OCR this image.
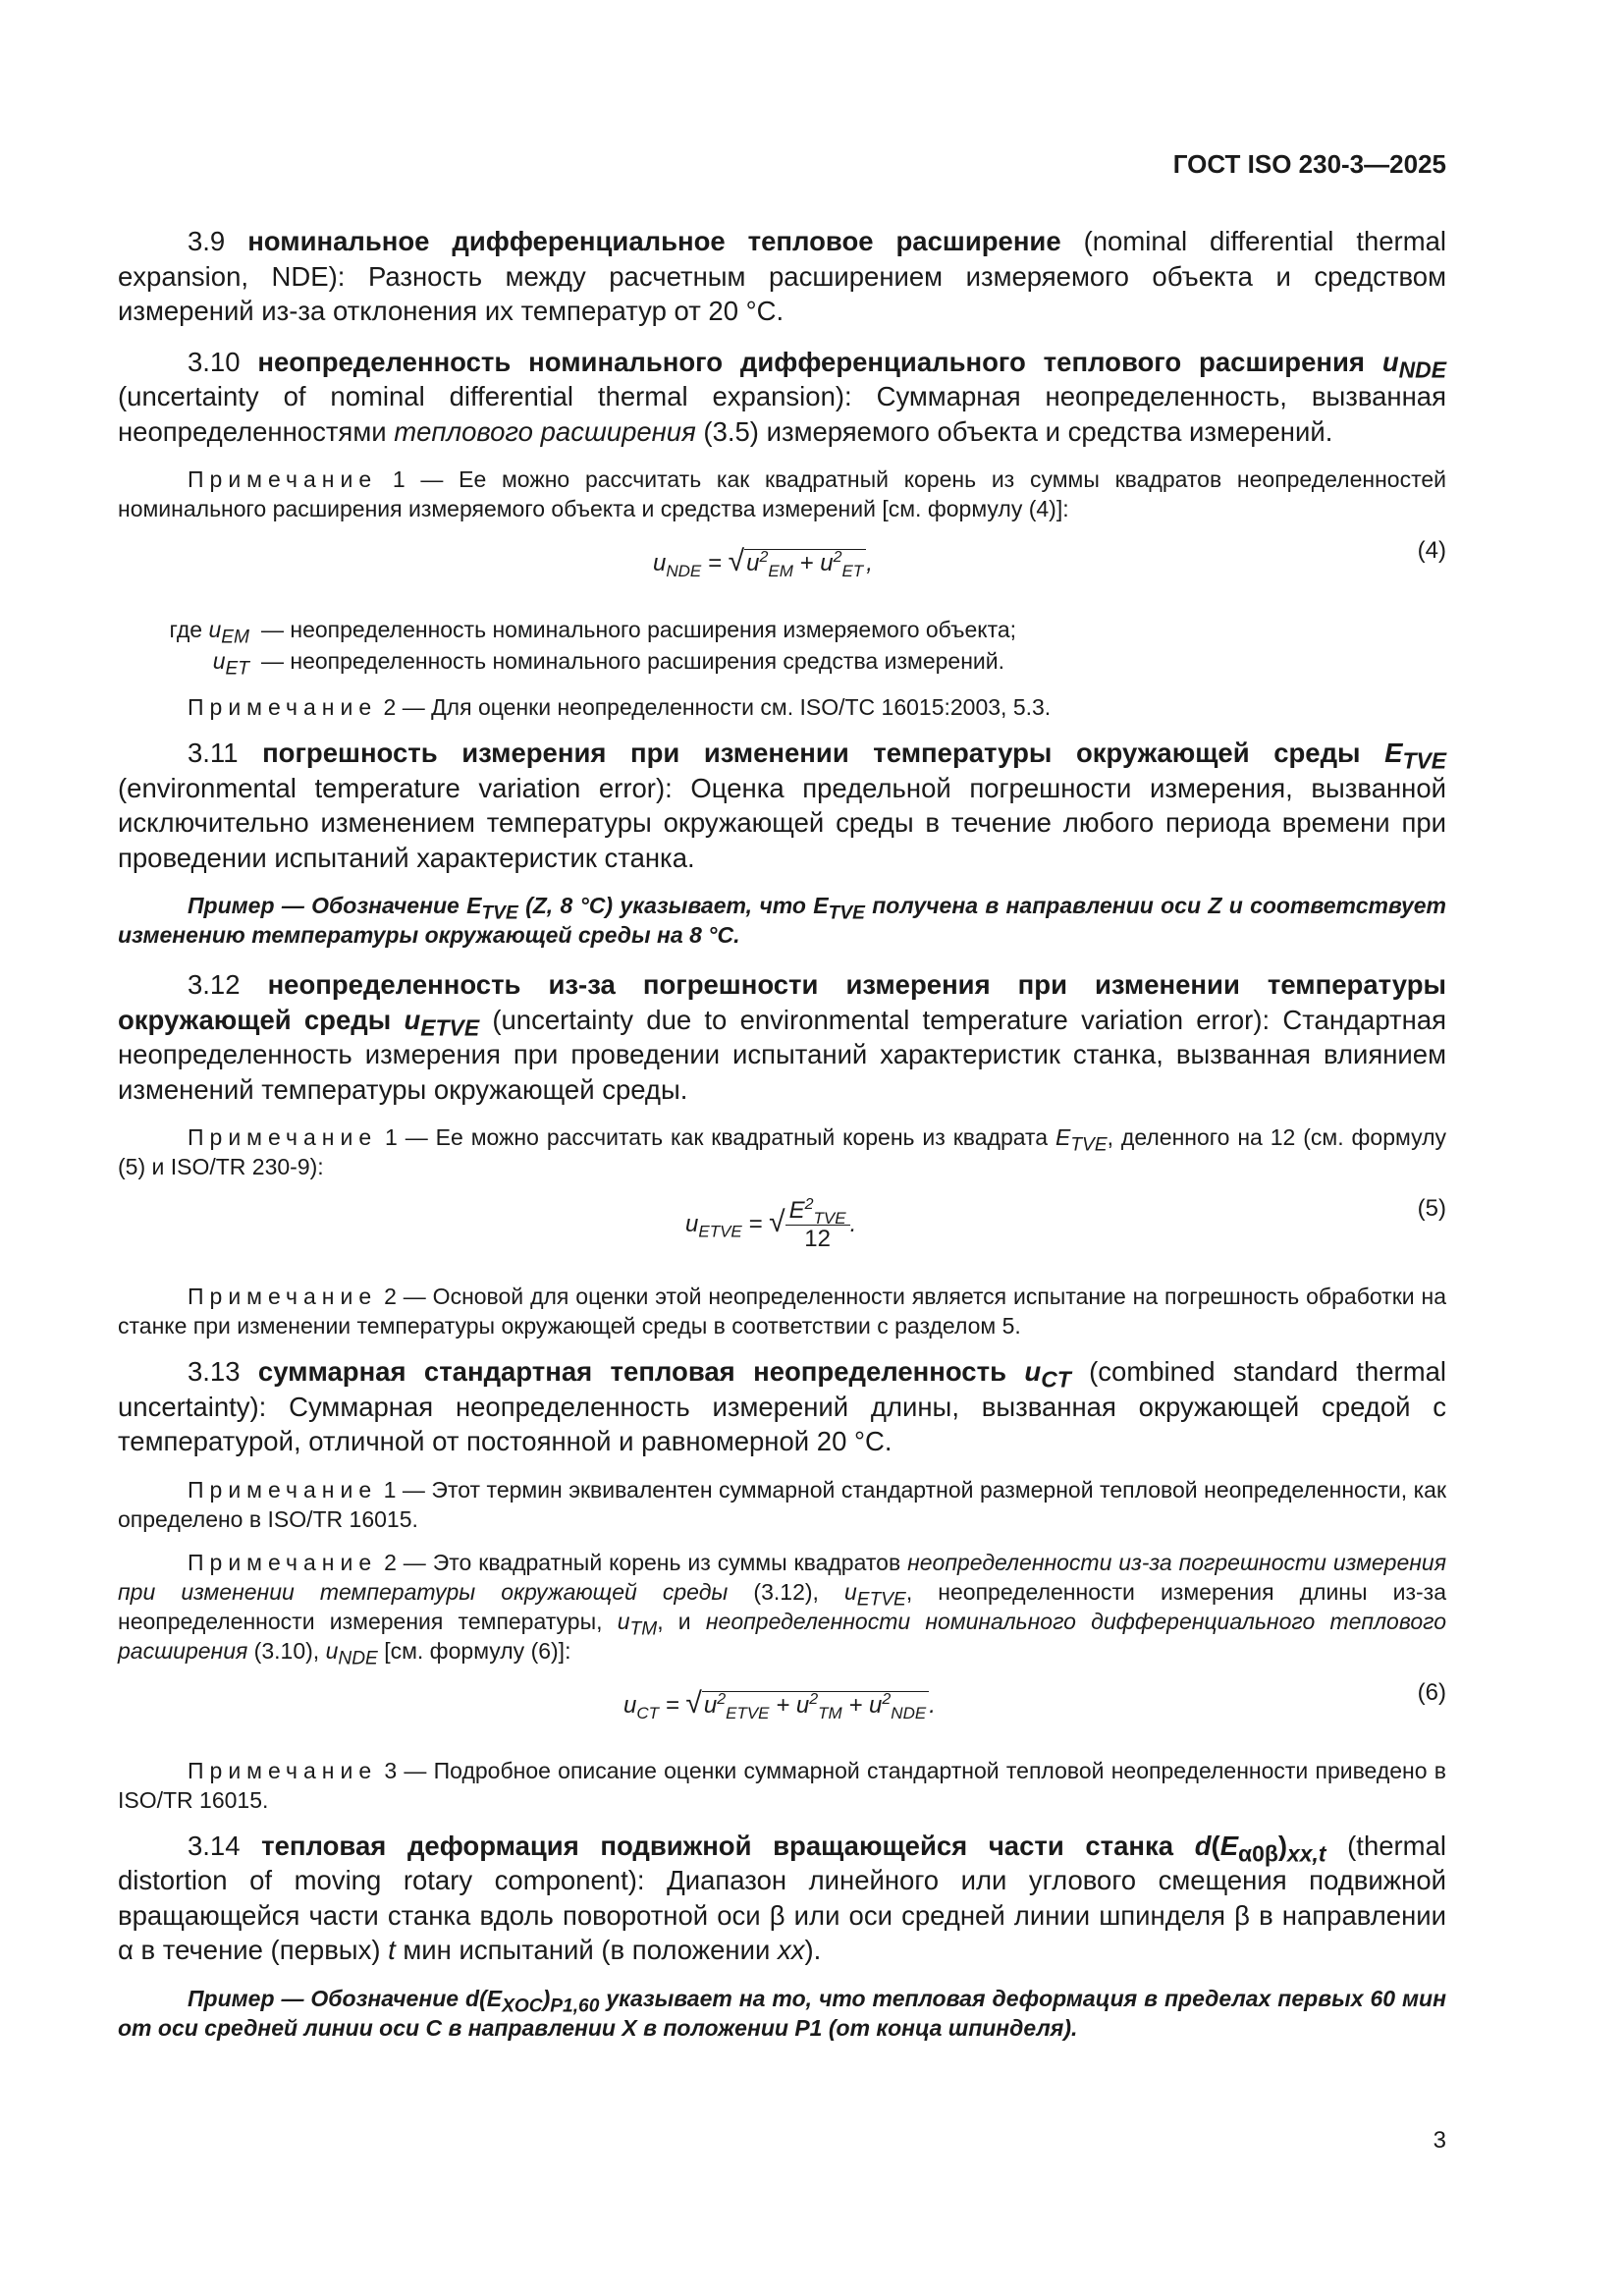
ГОСТ ISO 230-3—2025

3.9 номинальное дифференциальное тепловое расширение (nominal differential thermal expansion, NDE): Разность между расчетным расширением измеряемого объекта и средством измерений из-за отклонения их температур от 20 °С.

3.10 неопределенность номинального дифференциального теплового расширения $u_{NDE}$ (uncertainty of nominal differential thermal expansion): Суммарная неопределенность, вызванная неопределенностями теплового расширения (3.5) измеряемого объекта и средства измерений.

Примечание 1 — Ее можно рассчитать как квадратный корень из суммы квадратов неопределенностей номинального расширения измеряемого объекта и средства измерений [см. формулу (4)]:

$u_{NDE} = √u^2_{EM} + u^2_{ET}$ ,	(4)
где $u_{EM}$ — неопределенность номинального расширения измеряемого объекта;
$u_{ET}$ — неопределенность номинального расширения средства измерений.

Примечание 2 — Для оценки неопределенности см. ISO/TC 16015:2003, 5.3.

3.11 погрешность измерения при изменении температуры окружающей среды $E_{TVE}$ (environmental temperature variation error): Оценка предельной погрешности измерения, вызванной исключительно изменением температуры окружающей среды в течение любого периода времени при проведении испытаний характеристик станка.

Пример — Обозначение $E_{TVE}$ (Z, 8 °C) указывает, что $E_{TVE}$ получена в направлении оси Z и соответствует изменению температуры окружающей среды на 8 °C.

3.12 неопределенность из-за погрешности измерения при изменении температуры окружающей среды $u_{ETVE}$ (uncertainty due to environmental temperature variation error): Стандартная неопределенность измерения при проведении испытаний характеристик станка, вызванная влиянием изменений температуры окружающей среды.

Примечание 1 — Ее можно рассчитать как квадратный корень из квадрата $E_{TVE}$, деленного на 12 (см. формулу (5) и ISO/TR 230-9):

$u_{ETVE}$ = √ $\frac{E^2_{TVE}}{12}$ .
(5)

Примечание 2 — Основой для оценки этой неопределенности является испытание на погрешность обработки на станке при изменении температуры окружающей среды в соответствии с разделом 5.

3.13 суммарная стандартная тепловая неопределенность $u_{CT}$ (combined standard thermal uncertainty): Суммарная неопределенность измерений длины, вызванная окружающей средой с температурой, отличной от постоянной и равномерной 20 °С.

Примечание 1 — Этот термин эквивалентен суммарной стандартной размерной тепловой неопределенности, как определено в ISO/TR 16015.

Примечание 2 — Это квадратный корень из суммы квадратов неопределенности из-за погрешности измерения при изменении температуры окружающей среды (3.12), $u_{ETVE}$, неопределенности измерения длины из-за неопределенности измерения температуры, $u_{TM}$, и неопределенности номинального дифференциального теплового расширения (3.10), $u_{NDE}$ [см. формулу (6)]:

$u_{CT} = √u^2_{ETVE} + u^2_{TM} + u^2_{NDE}$ .	(6)

Примечание 3 — Подробное описание оценки суммарной стандартной тепловой неопределенности приведено в ISO/TR 16015.

3.14 тепловая деформация подвижной вращающейся части станка $d(E_{\alpha 0\beta})_{xx,t}$ (thermal distortion of moving rotary component): Диапазон линейного или углового смещения подвижной вращающейся части станка вдоль поворотной оси β или оси средней линии шпинделя β в направлении α в течение (первых) t мин испытаний (в положении xx).

Пример — Обозначение $d(E_{XOC})_{P1,60}$ указывает на то, что тепловая деформация в пределах первых 60 мин от оси средней линии оси C в направлении X в положении P1 (от конца шпинделя).

3
